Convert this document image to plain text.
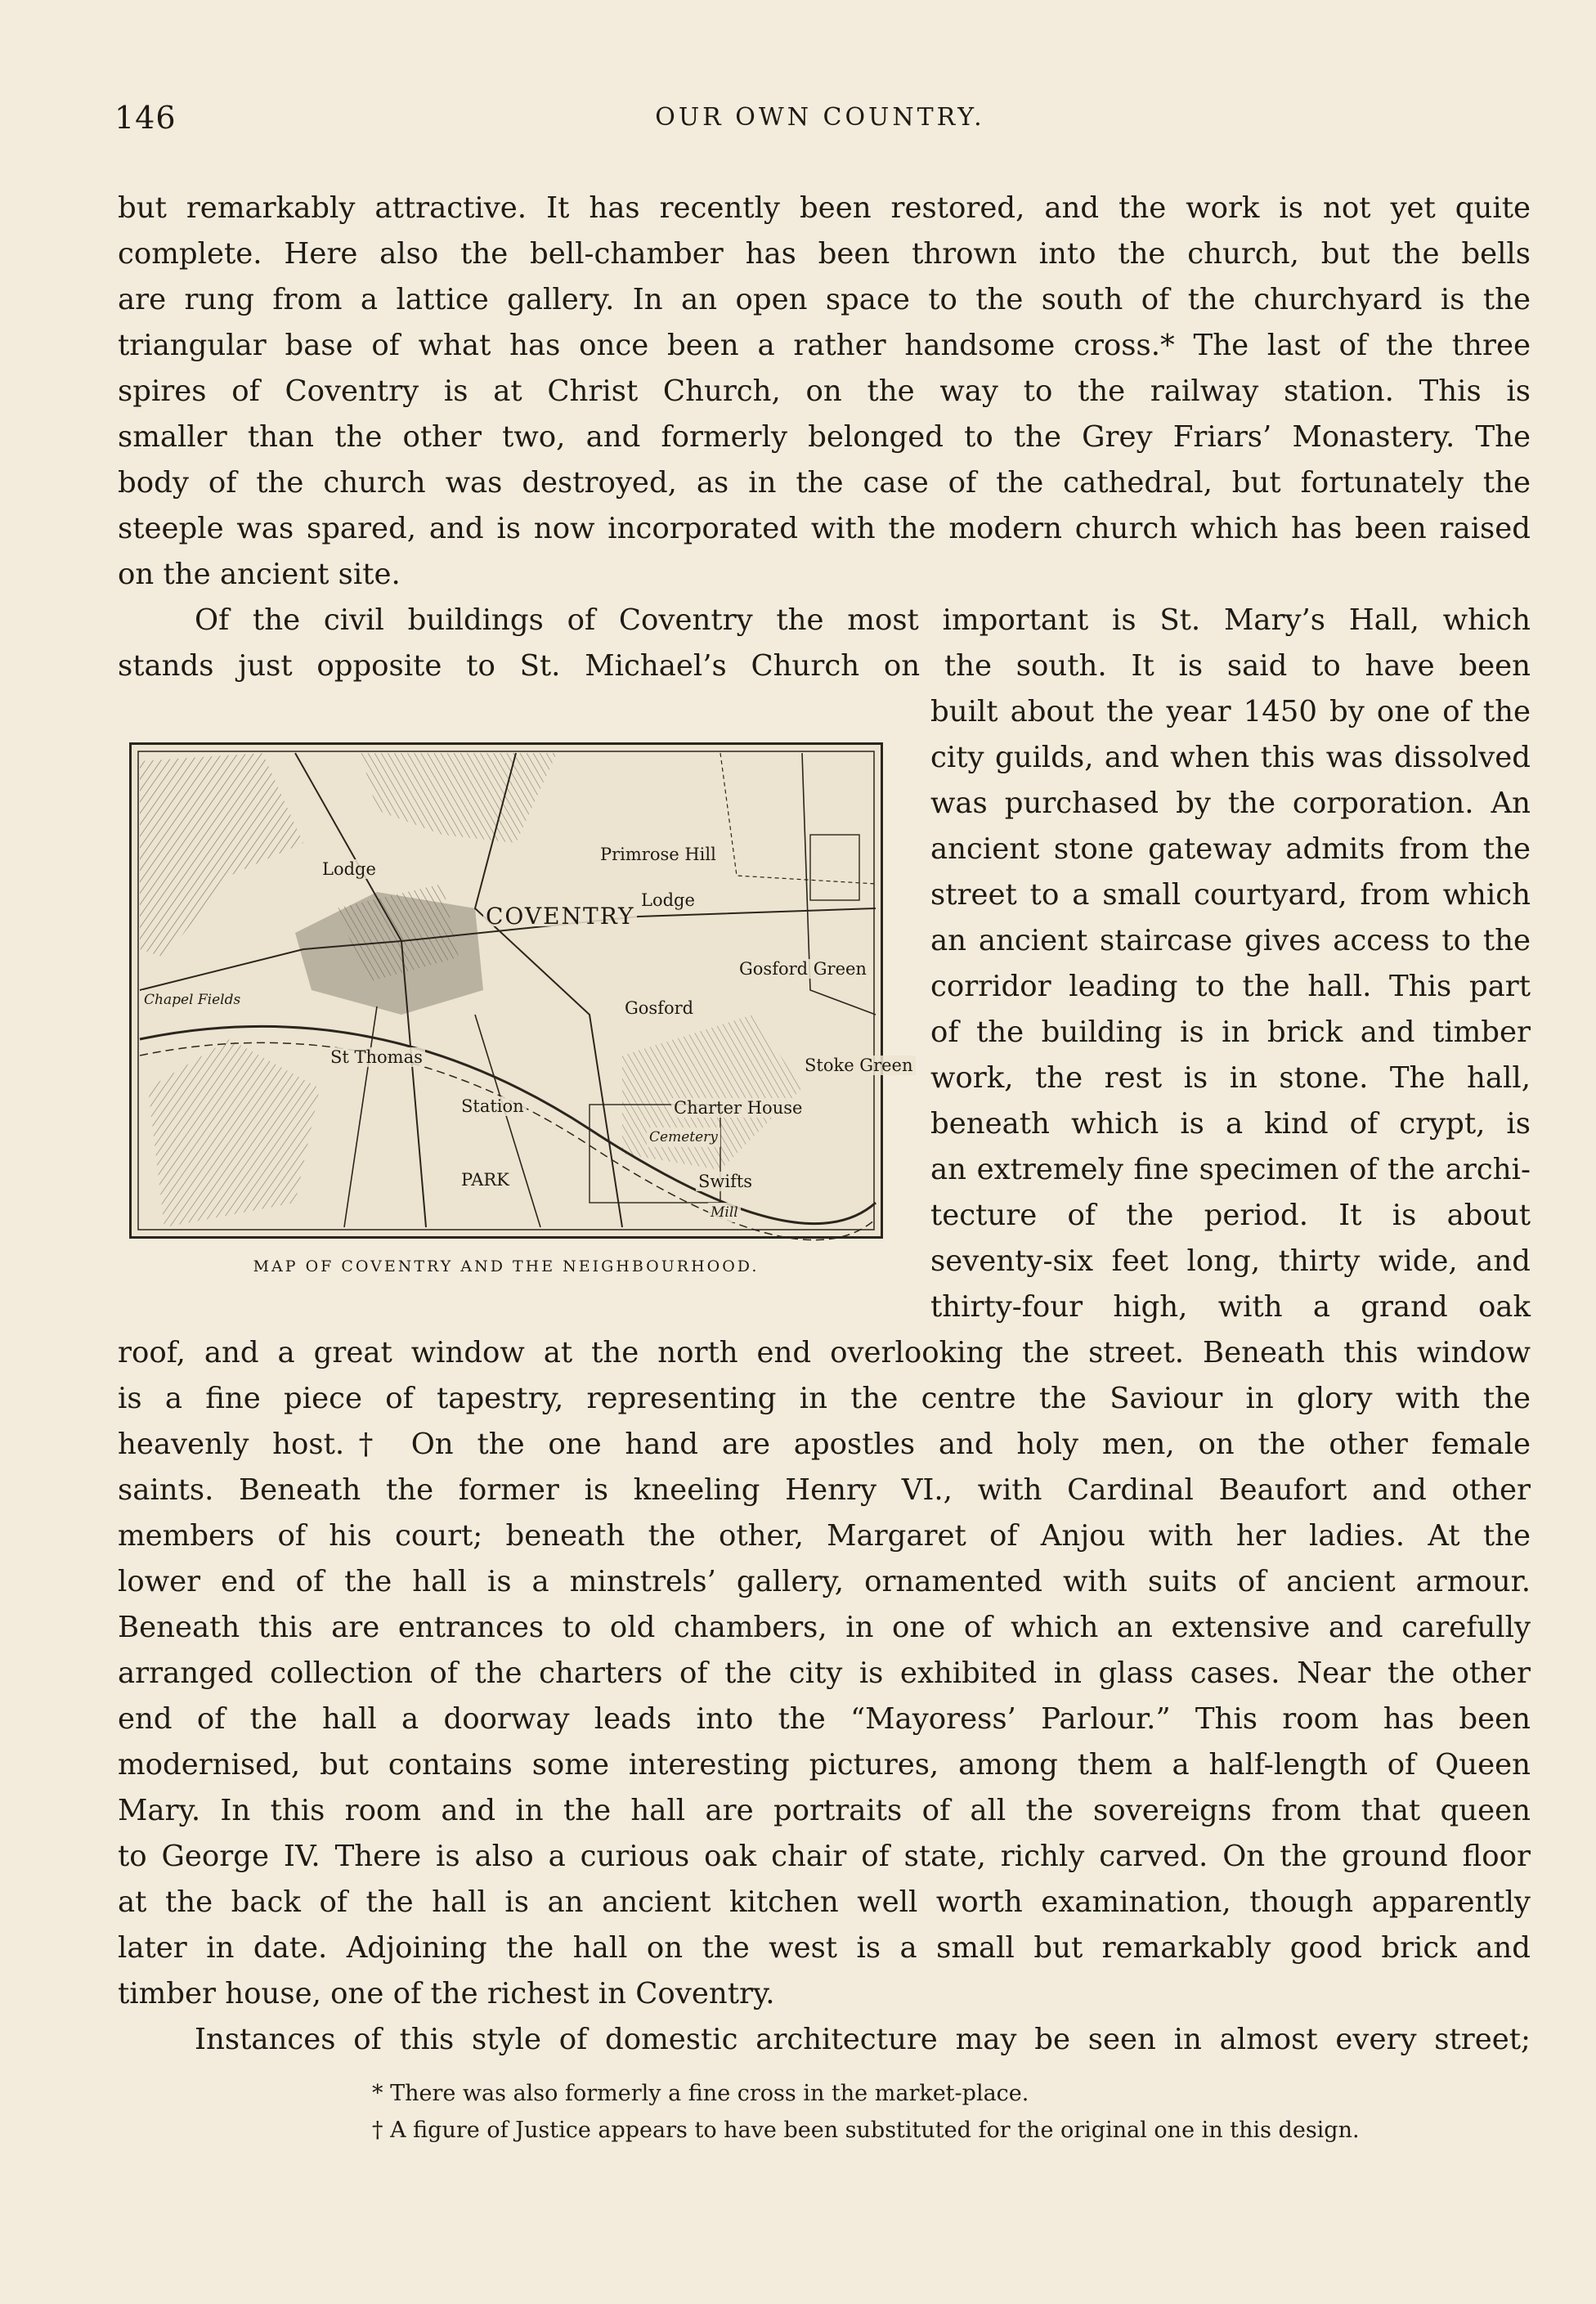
146	OUR OWN COUNTRY.
but remarkably attractive. It has recently been restored, and the work is not yet quite
complete. Here also the bell-chamber has been thrown into the church, but the bells
are rung from a lattice gallery. In an open space to the south of the churchyard is the
triangular base of what has once been a rather handsome cross.* The last of the three
spires of Coventry is at Christ Church, on the way to the railway station. This is
smaller than the other two, and formerly belonged to the Grey Friars’ Monastery. The
body of the church was destroyed, as in the case of the cathedral, but fortunately the
steeple was spared, and is now incorporated with the modern church which has been raised
on the ancient site.
Of the civil buildings of Coventry the most important is St. Mary’s Hall, which
stands just opposite to St. Michael’s Church on the south. It is said to have been
built about the year 1450 by one of the
city guilds, and when this was dissolved
was purchased by the corporation. An
ancient stone gateway admits from the
street to a small courtyard, from which
an ancient staircase gives access to the
corridor leading to the hall. This part
of the building is in brick and timber
work, the rest is in stone. The hall,
beneath which is a kind of crypt, is
an extremely fine specimen of the archi-
tecture of the period. It is about
seventy-six feet long, thirty wide, and
thirty-four high, with a grand oak
roof, and a great window at the north end overlooking the street. Beneath this window
is a fine piece of tapestry, representing in the centre the Saviour in glory with the
heavenly host.† On the one hand are apostles and holy men, on the other female
saints. Beneath the former is kneeling Henry VI., with Cardinal Beaufort and other
members of his court; beneath the other, Margaret of Anjou with her ladies. At the
lower end of the hall is a minstrels’ gallery, ornamented with suits of ancient armour.
Beneath this are entrances to old chambers, in one of which an extensive and carefully
arranged collection of the charters of the city is exhibited in glass cases. Near the other
end of the hall a doorway leads into the “Mayoress’ Parlour.” This room has been
modernised, but contains some interesting pictures, among them a half-length of Queen
Mary. In this room and in the hall are portraits of all the sovereigns from that queen
to George IV. There is also a curious oak chair of state, richly carved. On the ground floor
at the back of the hall is an ancient kitchen well worth examination, though apparently
later in date. Adjoining the hall on the west is a small but remarkably good brick and
timber house, one of the richest in Coventry.
Instances of this style of domestic architecture may be seen in almost every street;
COVENTRY
Primrose Hill
Lodge
Lodge
Gosford Green
Gosford
St Thomas
Station
Stoke Green
Charter House
Cemetery
Swifts
Chapel Fields
PARK
Mill
MAP OF COVENTRY AND THE NEIGHBOURHOOD.
* There was also formerly a fine cross in the market-place.
† A figure of Justice appears to have been substituted for the original one in this design.
